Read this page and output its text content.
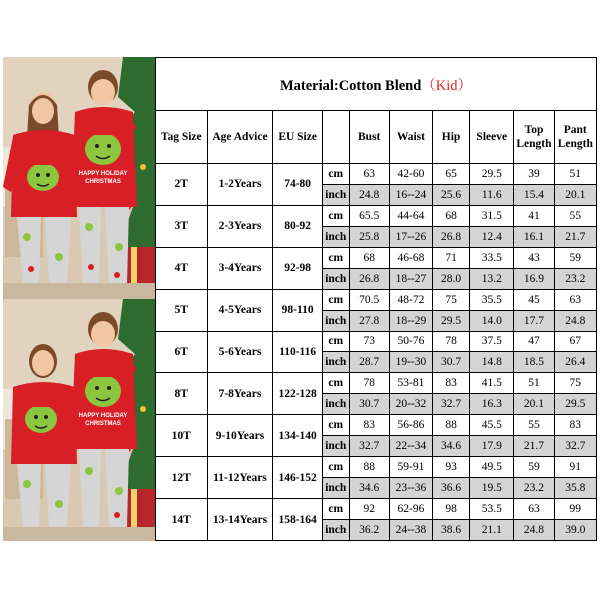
HAPPY HOLIDAY
CHRISTMAS
HAPPY HOLIDAY
CHRISTMAS
Material:Cotton Blend（Kid）									
Tag Size	Age Advice	EU Size		Bust	Waist	Hip	Sleeve	Top Length	Pant Length
2T	1-2Years	74-80	cm	63	42-60	65	29.5	39	51
			inch	24.8	16--24	25.6	11.6	15.4	20.1
3T	2-3Years	80-92	cm	65.5	44-64	68	31.5	41	55
			inch	25.8	17--26	26.8	12.4	16.1	21.7
4T	3-4Years	92-98	cm	68	46-68	71	33.5	43	59
			inch	26.8	18--27	28.0	13.2	16.9	23.2
5T	4-5Years	98-110	cm	70.5	48-72	75	35.5	45	63
			inch	27.8	18--29	29.5	14.0	17.7	24.8
6T	5-6Years	110-116	cm	73	50-76	78	37.5	47	67
			inch	28.7	19--30	30.7	14.8	18.5	26.4
8T	7-8Years	122-128	cm	78	53-81	83	41.5	51	75
			inch	30.7	20--32	32.7	16.3	20.1	29.5
10T	9-10Years	134-140	cm	83	56-86	88	45.5	55	83
			inch	32.7	22--34	34.6	17.9	21.7	32.7
12T	11-12Years	146-152	cm	88	59-91	93	49.5	59	91
			inch	34.6	23--36	36.6	19.5	23.2	35.8
14T	13-14Years	158-164	cm	92	62-96	98	53.5	63	99
			inch	36.2	24--38	38.6	21.1	24.8	39.0
